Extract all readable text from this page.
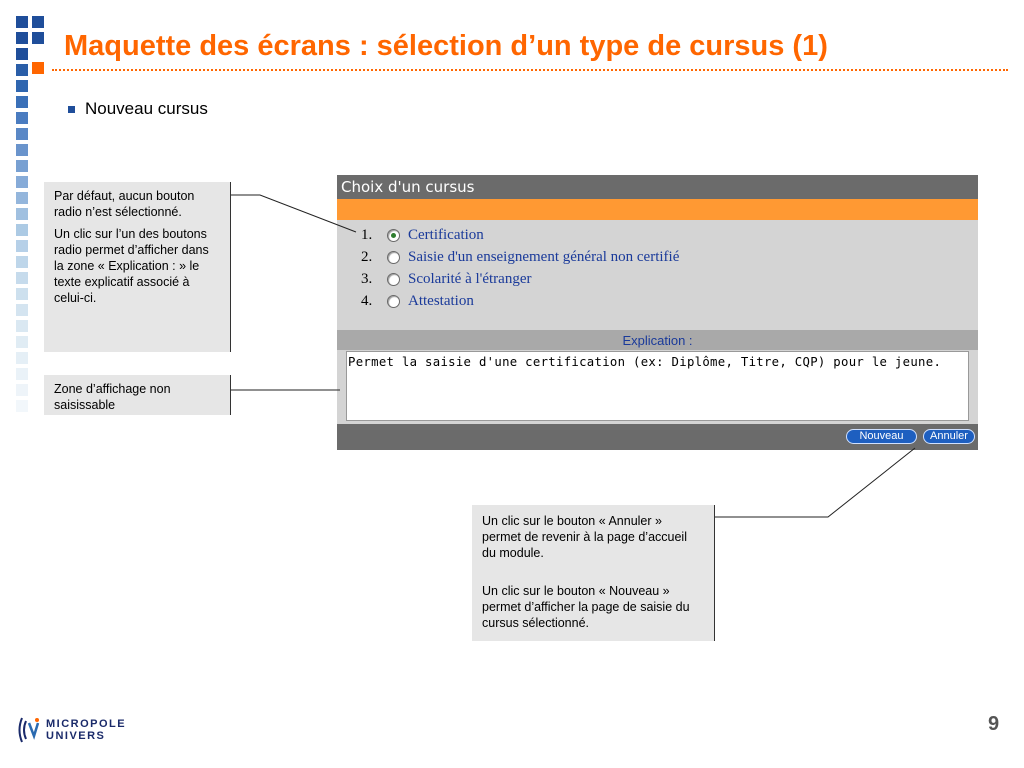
Maquette des écrans : sélection d’un type de cursus (1)
Nouveau cursus

Par défaut, aucun bouton radio n’est sélectionné.

Un clic sur l’un des boutons radio permet d’afficher dans la zone « Explication : » le texte explicatif associé à celui-ci.

Zone d’affichage non saisissable

Un clic sur le bouton « Annuler » permet de revenir à la page d’accueil du module.

Un clic sur le bouton « Nouveau » permet d’afficher la page de saisie du cursus sélectionné.

Choix d'un cursus
1.	Certification
2.	Saisie d'un enseignement général non certifié
3.	Scolarité à l'étranger
4.	Attestation
Explication :
Permet la saisie d'une certification (ex: Diplôme, Titre, CQP) pour le jeune.
Nouveau	Annuler
MICROPOLE
UNIVERS
9
